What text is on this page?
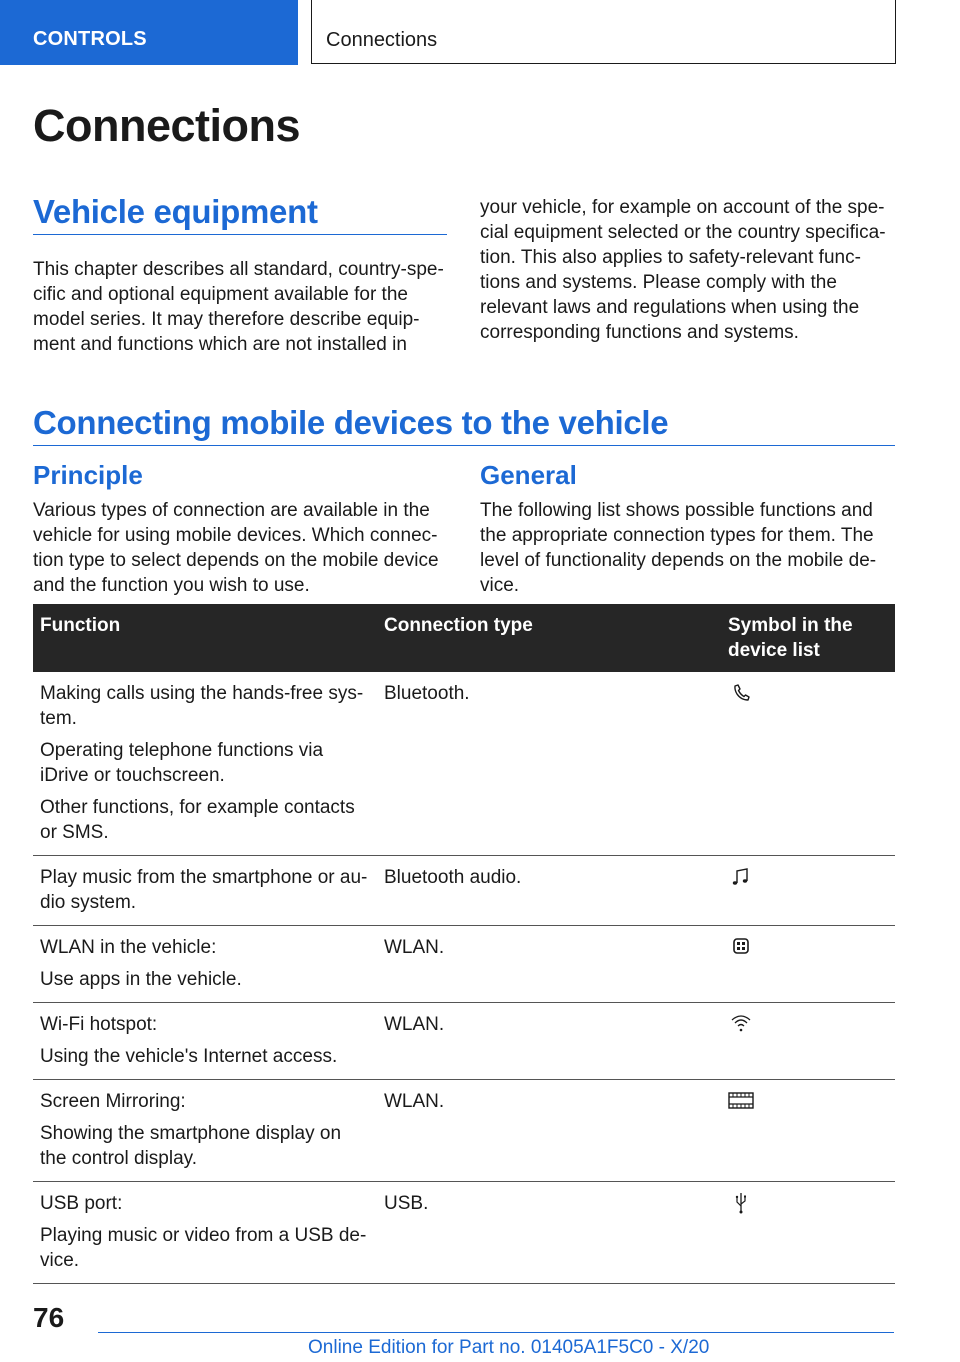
CONTROLS	Connections
Connections
Vehicle equipment

This chapter describes all standard, country-spe-cific and optional equipment available for the model series. It may therefore describe equip-ment and functions which are not installed in

your vehicle, for example on account of the spe-cial equipment selected or the country specifica-tion. This also applies to safety-relevant func-tions and systems. Please comply with the relevant laws and regulations when using the corresponding functions and systems.

Connecting mobile devices to the vehicle
Principle

Various types of connection are available in the vehicle for using mobile devices. Which connec-tion type to select depends on the mobile device and the function you wish to use.

General

The following list shows possible functions and the appropriate connection types for them. The level of functionality depends on the mobile de-vice.

Function	Connection type	Symbol in the device list

Making calls using the hands-free sys-tem.

Operating telephone functions via iDrive or touchscreen.

Other functions, for example contacts or SMS.	Bluetooth.	

Play music from the smartphone or au-dio system.	Bluetooth audio.	

WLAN in the vehicle:

Use apps in the vehicle.	WLAN.	

Wi-Fi hotspot:

Using the vehicle's Internet access.	WLAN.	

Screen Mirroring:

Showing the smartphone display on the control display.	WLAN.	

USB port:

Playing music or video from a USB de-vice.	USB.	
76
Online Edition for Part no. 01405A1F5C0 - X/20
